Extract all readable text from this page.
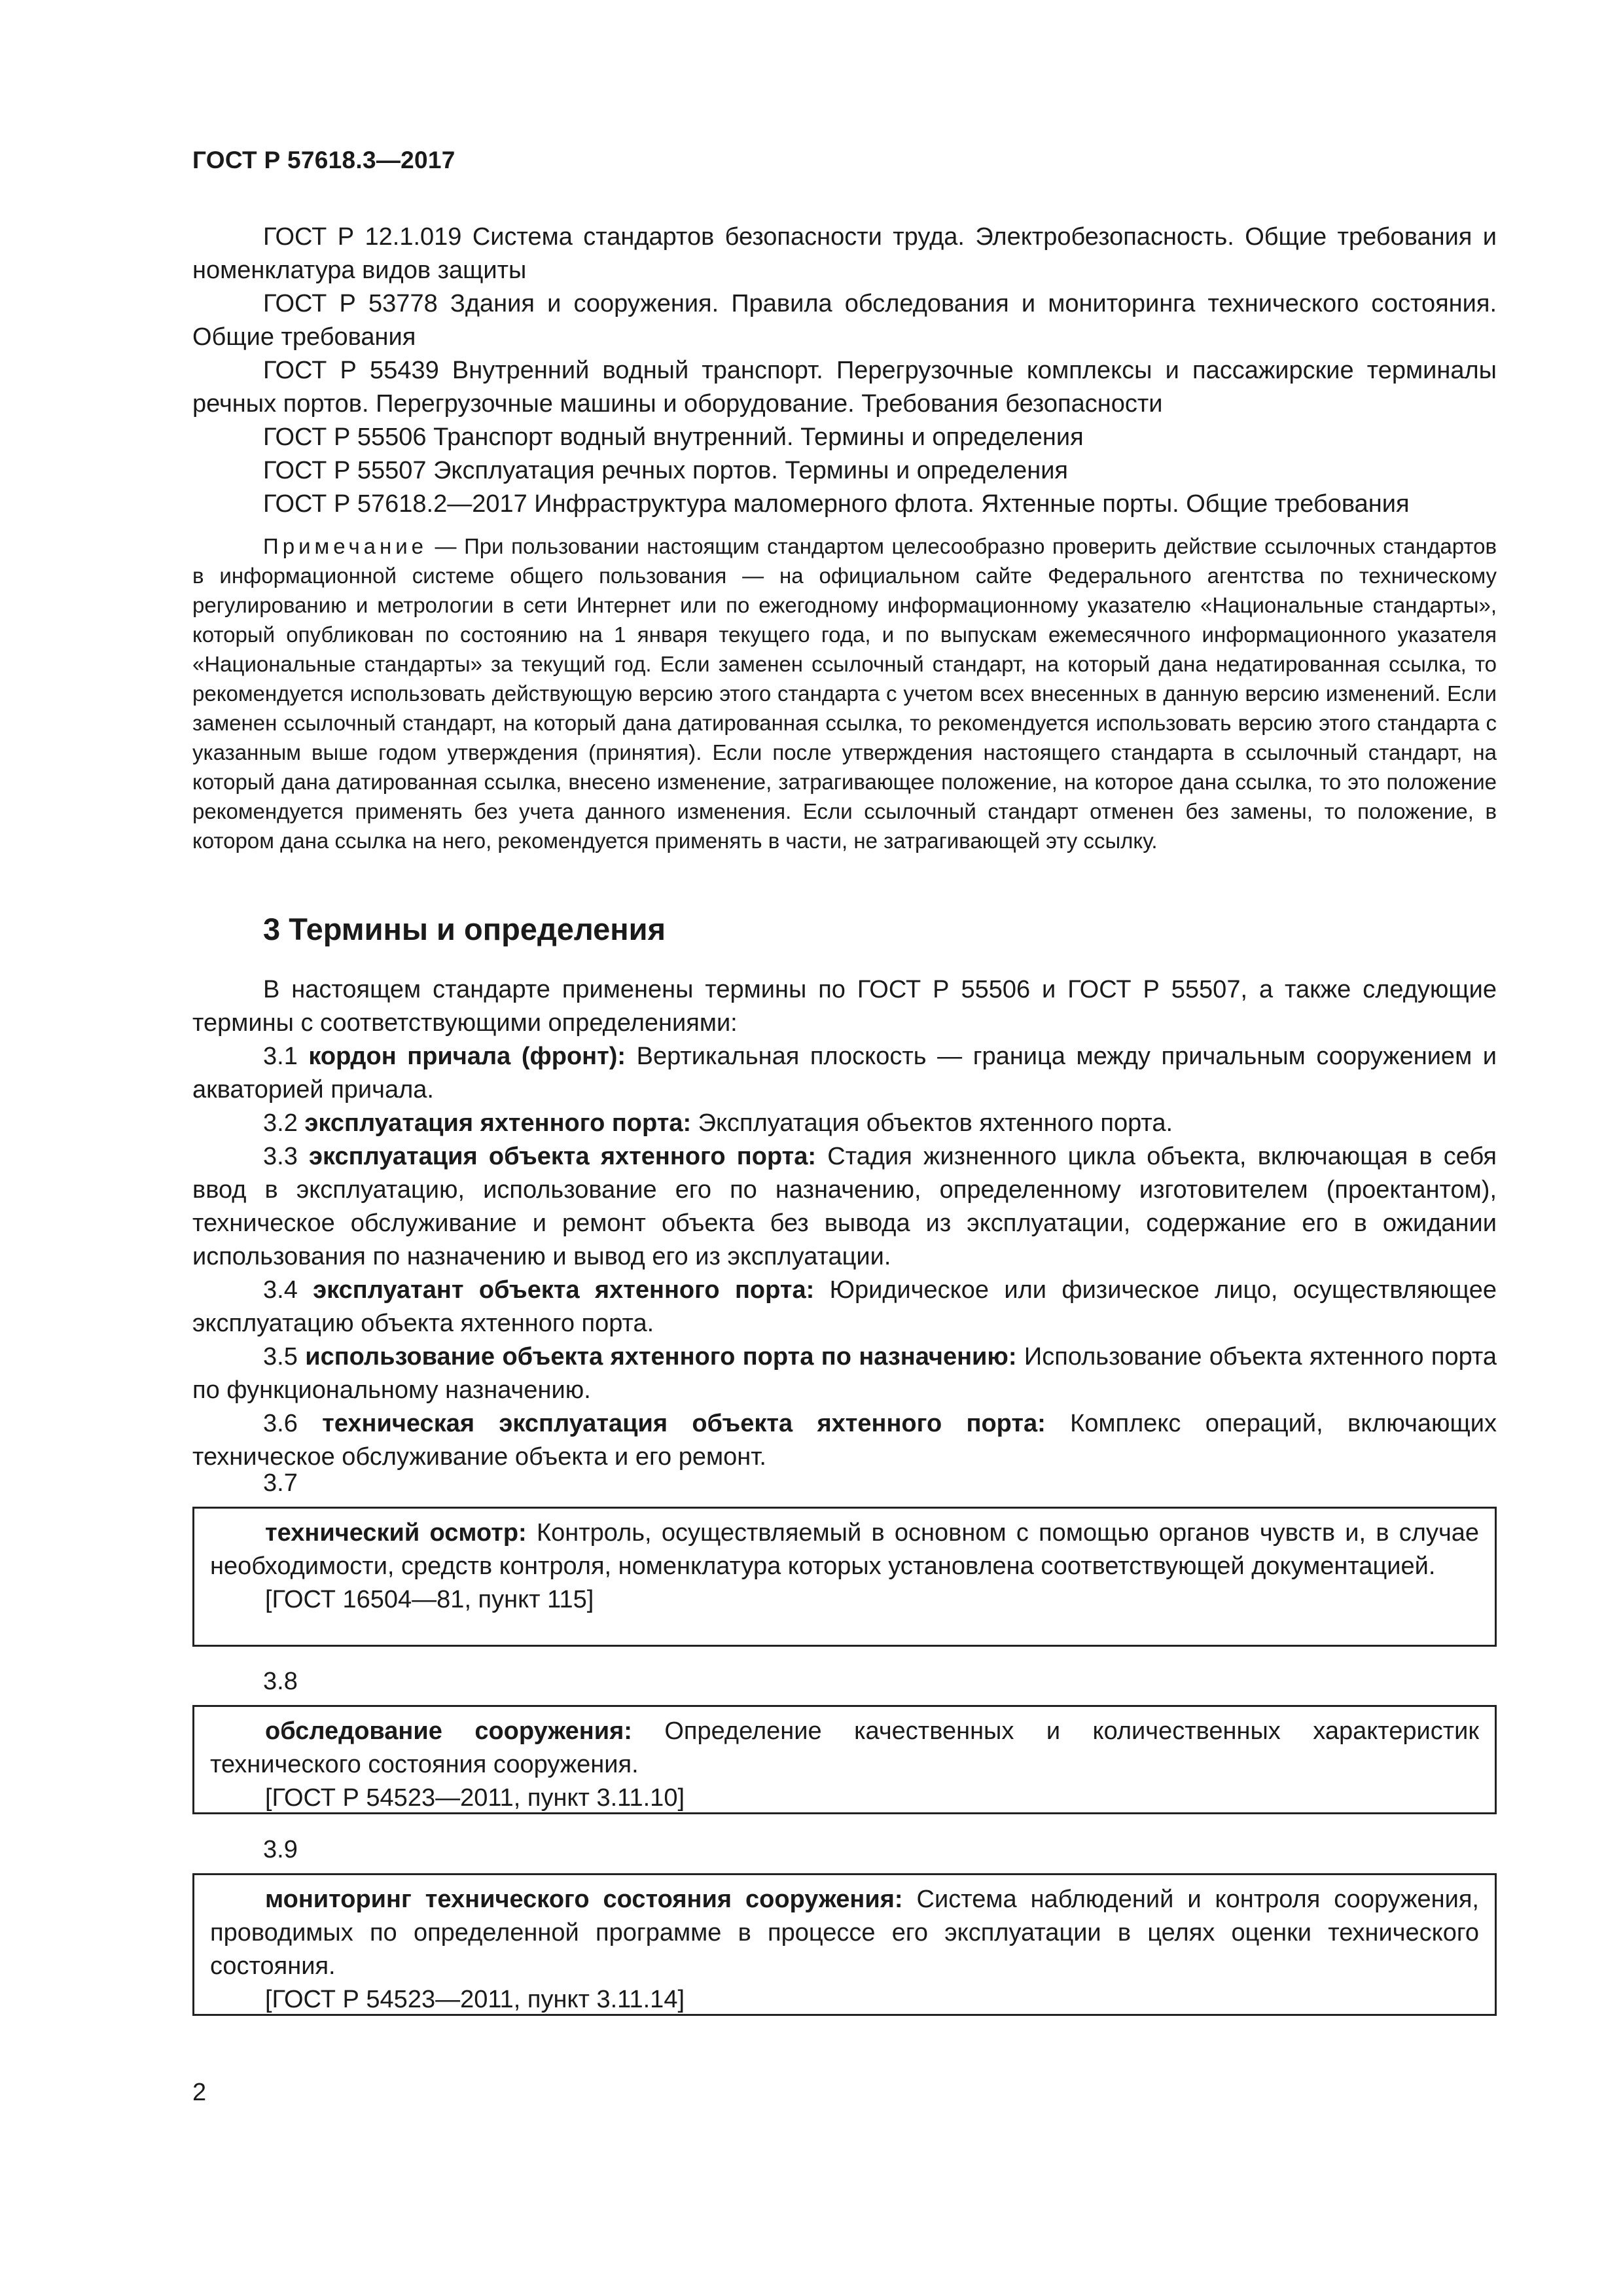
ГОСТ Р 57618.3—2017

ГОСТ Р 12.1.019 Система стандартов безопасности труда. Электробезопасность. Общие требования и номенклатура видов защиты

ГОСТ Р 53778 Здания и сооружения. Правила обследования и мониторинга технического состояния. Общие требования

ГОСТ Р 55439 Внутренний водный транспорт. Перегрузочные комплексы и пассажирские терминалы речных портов. Перегрузочные машины и оборудование. Требования безопасности

ГОСТ Р 55506 Транспорт водный внутренний. Термины и определения

ГОСТ Р 55507 Эксплуатация речных портов. Термины и определения

ГОСТ Р 57618.2—2017 Инфраструктура маломерного флота. Яхтенные порты. Общие требования

Примечание — При пользовании настоящим стандартом целесообразно проверить действие ссылочных стандартов в информационной системе общего пользования — на официальном сайте Федерального агентства по техническому регулированию и метрологии в сети Интернет или по ежегодному информационному указателю «Национальные стандарты», который опубликован по состоянию на 1 января текущего года, и по выпускам ежемесячного информационного указателя «Национальные стандарты» за текущий год. Если заменен ссылочный стандарт, на который дана недатированная ссылка, то рекомендуется использовать действующую версию этого стандарта с учетом всех внесенных в данную версию изменений. Если заменен ссылочный стандарт, на который дана датированная ссылка, то рекомендуется использовать версию этого стандарта с указанным выше годом утверждения (принятия). Если после утверждения настоящего стандарта в ссылочный стандарт, на который дана датированная ссылка, внесено изменение, затрагивающее положение, на которое дана ссылка, то это положение рекомендуется применять без учета данного изменения. Если ссылочный стандарт отменен без замены, то положение, в котором дана ссылка на него, рекомендуется применять в части, не затрагивающей эту ссылку.

3 Термины и определения

В настоящем стандарте применены термины по ГОСТ Р 55506 и ГОСТ Р 55507, а также следующие термины с соответствующими определениями:

3.1 кордон причала (фронт): Вертикальная плоскость — граница между причальным сооружением и акваторией причала.

3.2 эксплуатация яхтенного порта: Эксплуатация объектов яхтенного порта.

3.3 эксплуатация объекта яхтенного порта: Стадия жизненного цикла объекта, включающая в себя ввод в эксплуатацию, использование его по назначению, определенному изготовителем (проектантом), техническое обслуживание и ремонт объекта без вывода из эксплуатации, содержание его в ожидании использования по назначению и вывод его из эксплуатации.

3.4 эксплуатант объекта яхтенного порта: Юридическое или физическое лицо, осуществляющее эксплуатацию объекта яхтенного порта.

3.5 использование объекта яхтенного порта по назначению: Использование объекта яхтенного порта по функциональному назначению.

3.6 техническая эксплуатация объекта яхтенного порта: Комплекс операций, включающих техническое обслуживание объекта и его ремонт.

3.7

технический осмотр: Контроль, осуществляемый в основном с помощью органов чувств и, в случае необходимости, средств контроля, номенклатура которых установлена соответствующей документацией.

[ГОСТ 16504—81, пункт 115]

3.8

обследование сооружения: Определение качественных и количественных характеристик технического состояния сооружения.

[ГОСТ Р 54523—2011, пункт 3.11.10]

3.9

мониторинг технического состояния сооружения: Система наблюдений и контроля сооружения, проводимых по определенной программе в процессе его эксплуатации в целях оценки технического состояния.

[ГОСТ Р 54523—2011, пункт 3.11.14]

2
